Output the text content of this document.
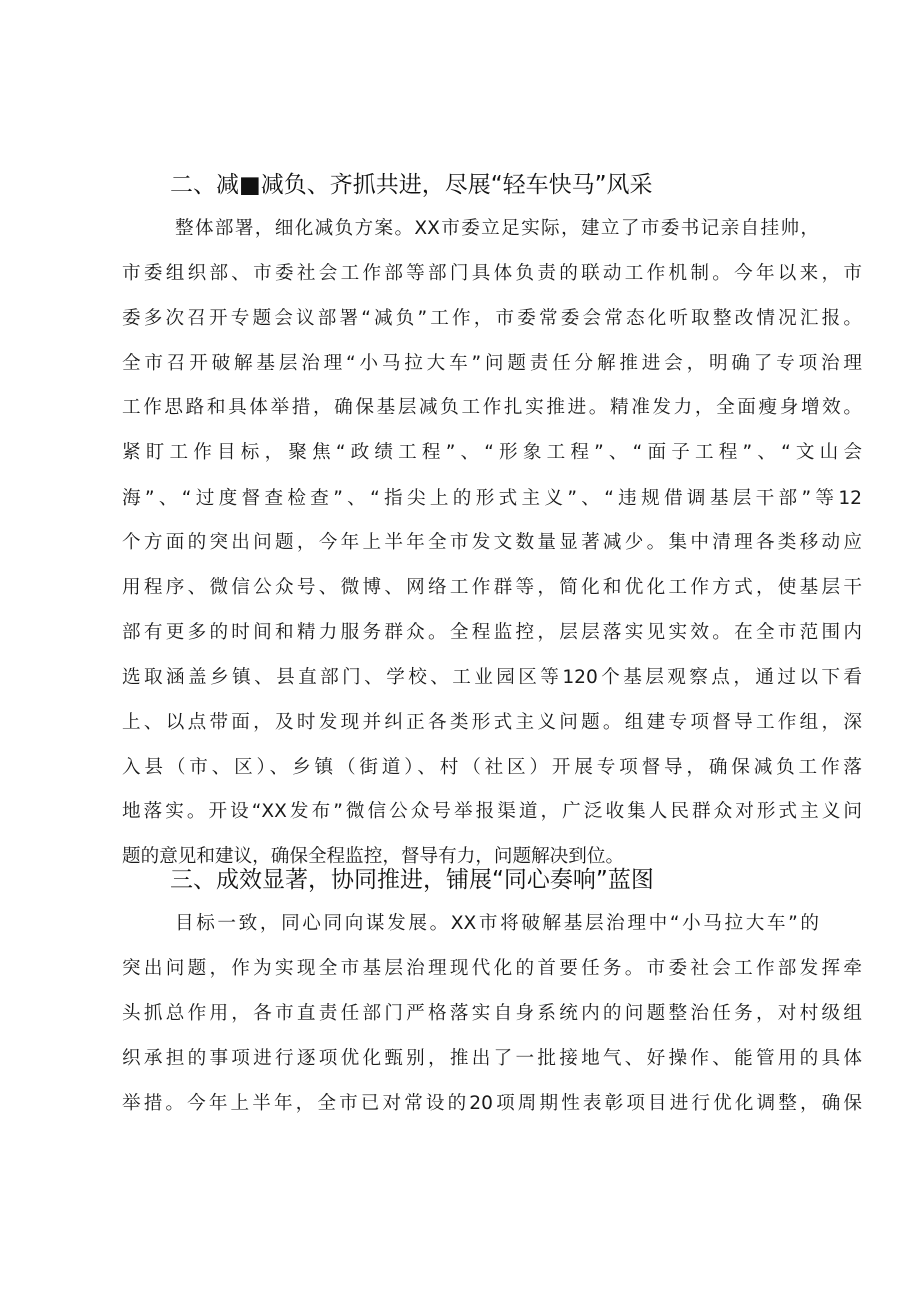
二、减■减负、齐抓共进，尽展“轻车快马”风采
整体部署，细化减负方案。XX市委立足实际，建立了市委书记亲自挂帅，
市委组织部、市委社会工作部等部门具体负责的联动工作机制。今年以来，市
委多次召开专题会议部署“减负”工作，市委常委会常态化听取整改情况汇报。
全市召开破解基层治理“小马拉大车”问题责任分解推进会，明确了专项治理
工作思路和具体举措，确保基层减负工作扎实推进。精准发力，全面瘦身增效。
紧盯工作目标，聚焦“政绩工程”、“形象工程”、“面子工程”、“文山会
海”、“过度督查检查”、“指尖上的形式主义”、“违规借调基层干部”等12
个方面的突出问题，今年上半年全市发文数量显著减少。集中清理各类移动应
用程序、微信公众号、微博、网络工作群等，简化和优化工作方式，使基层干
部有更多的时间和精力服务群众。全程监控，层层落实见实效。在全市范围内
选取涵盖乡镇、县直部门、学校、工业园区等120个基层观察点，通过以下看
上、以点带面，及时发现并纠正各类形式主义问题。组建专项督导工作组，深
入县（市、区）、乡镇（街道）、村（社区）开展专项督导，确保减负工作落
地落实。开设“XX发布”微信公众号举报渠道，广泛收集人民群众对形式主义问
题的意见和建议，确保全程监控，督导有力，问题解决到位。
三、成效显著，协同推进，铺展“同心奏响”蓝图
目标一致，同心同向谋发展。XX市将破解基层治理中“小马拉大车”的
突出问题，作为实现全市基层治理现代化的首要任务。市委社会工作部发挥牵
头抓总作用，各市直责任部门严格落实自身系统内的问题整治任务，对村级组
织承担的事项进行逐项优化甄别，推出了一批接地气、好操作、能管用的具体
举措。今年上半年，全市已对常设的20项周期性表彰项目进行优化调整，确保
